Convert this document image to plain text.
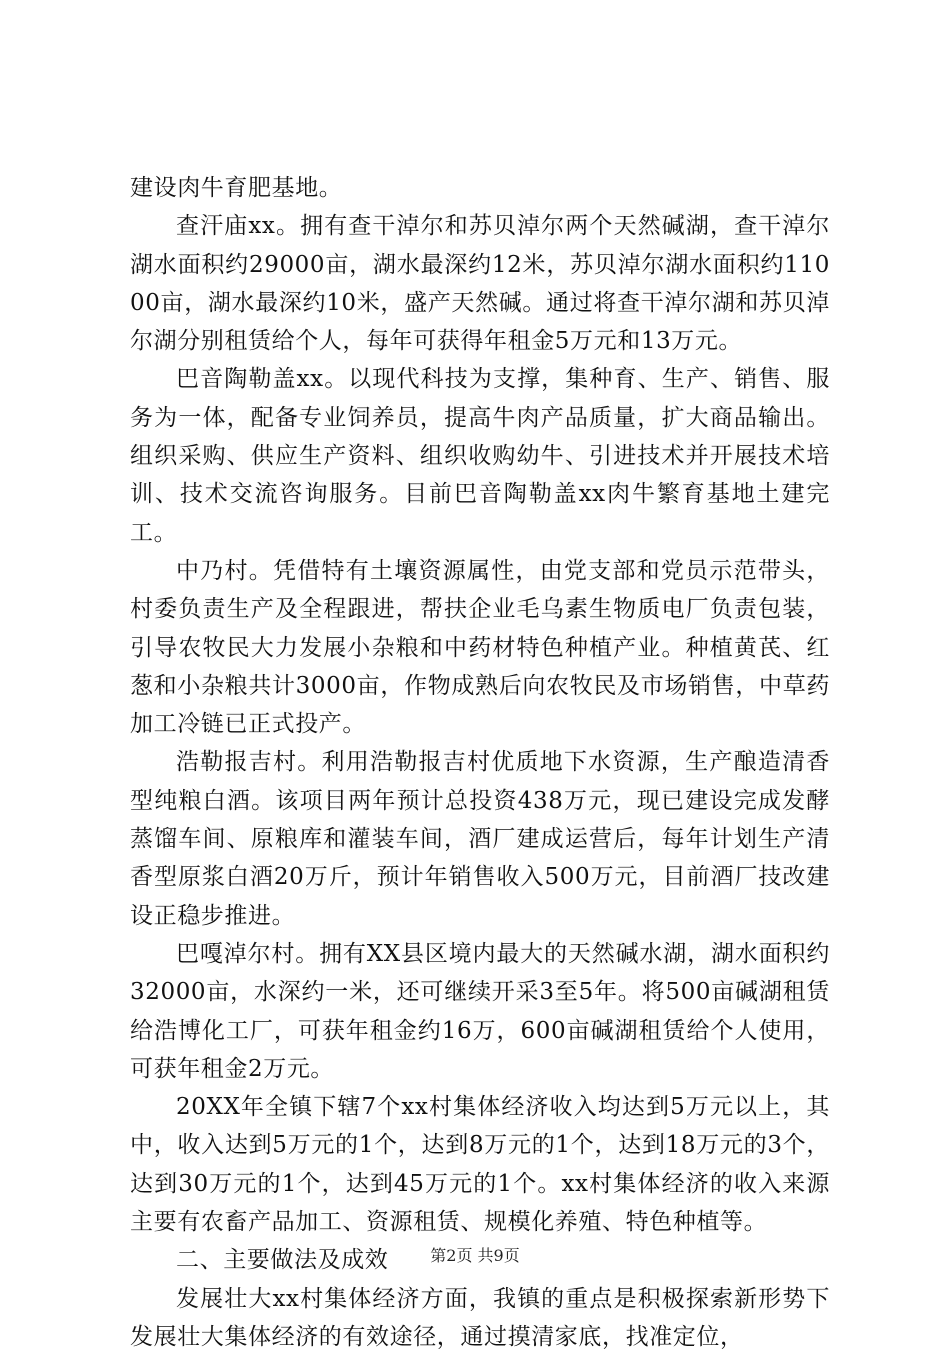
建设肉牛育肥基地。

查汗庙xx。拥有查干淖尔和苏贝淖尔两个天然碱湖，查干淖尔湖水面积约29000亩，湖水最深约12米，苏贝淖尔湖水面积约11000亩，湖水最深约10米，盛产天然碱。通过将查干淖尔湖和苏贝淖尔湖分别租赁给个人，每年可获得年租金5万元和13万元。

巴音陶勒盖xx。以现代科技为支撑，集种育、生产、销售、服务为一体，配备专业饲养员，提高牛肉产品质量，扩大商品输出。组织采购、供应生产资料、组织收购幼牛、引进技术并开展技术培训、技术交流咨询服务。目前巴音陶勒盖xx肉牛繁育基地土建完工。

中乃村。凭借特有土壤资源属性，由党支部和党员示范带头，村委负责生产及全程跟进，帮扶企业毛乌素生物质电厂负责包装，引导农牧民大力发展小杂粮和中药材特色种植产业。种植黄芪、红葱和小杂粮共计3000亩，作物成熟后向农牧民及市场销售，中草药加工冷链已正式投产。

浩勒报吉村。利用浩勒报吉村优质地下水资源，生产酿造清香型纯粮白酒。该项目两年预计总投资438万元，现已建设完成发酵蒸馏车间、原粮库和灌装车间，酒厂建成运营后，每年计划生产清香型原浆白酒20万斤，预计年销售收入500万元，目前酒厂技改建设正稳步推进。

巴嘎淖尔村。拥有XX县区境内最大的天然碱水湖，湖水面积约32000亩，水深约一米，还可继续开采3至5年。将500亩碱湖租赁给浩博化工厂，可获年租金约16万，600亩碱湖租赁给个人使用，可获年租金2万元。

20XX年全镇下辖7个xx村集体经济收入均达到5万元以上，其中，收入达到5万元的1个，达到8万元的1个，达到18万元的3个，达到30万元的1个，达到45万元的1个。xx村集体经济的收入来源主要有农畜产品加工、资源租赁、规模化养殖、特色种植等。

二、主要做法及成效

发展壮大xx村集体经济方面，我镇的重点是积极探索新形势下发展壮大集体经济的有效途径，通过摸清家底，找准定位，

第2页 共9页
